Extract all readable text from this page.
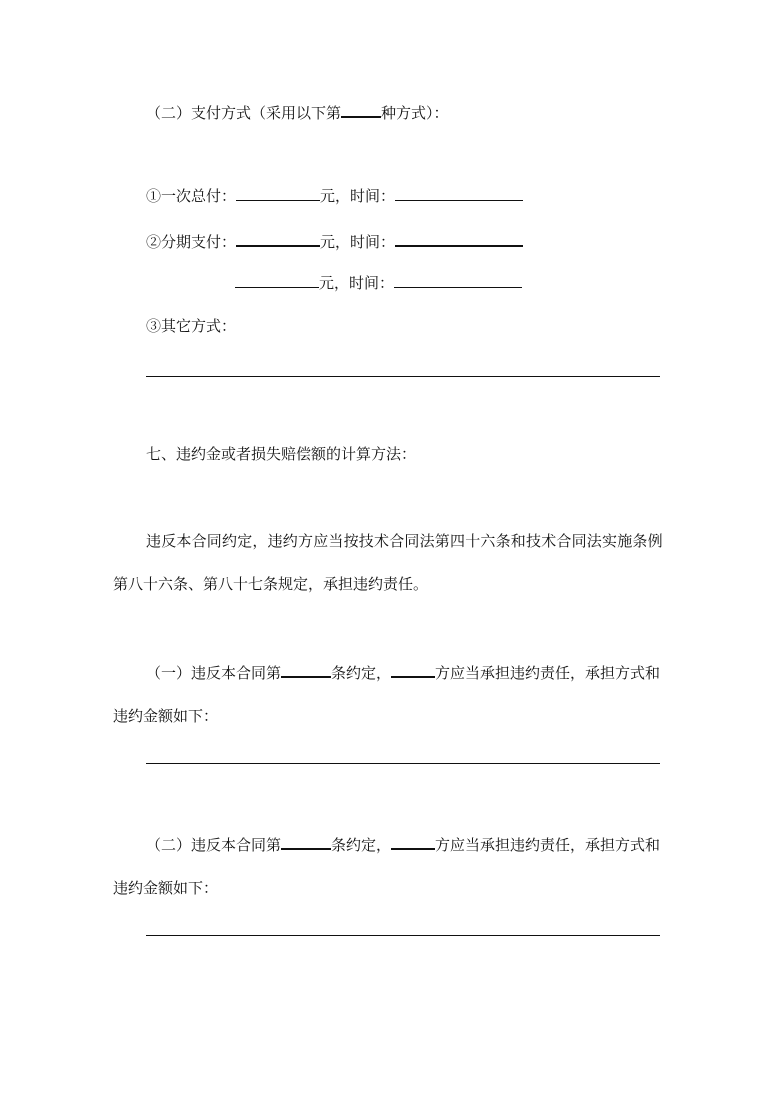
（二）支付方式（采用以下第	种方式）：
①一次总付：	元，时间：
②分期支付：	元，时间：
元，时间：
③其它方式：
七、违约金或者损失赔偿额的计算方法：
违反本合同约定，违约方应当按技术合同法第四十六条和技术合同法实施条例
第八十六条、第八十七条规定，承担违约责任。
（一）违反本合同第	条约定，	方应当承担违约责任，承担方式和
违约金额如下：
（二）违反本合同第	条约定，	方应当承担违约责任，承担方式和
违约金额如下：
